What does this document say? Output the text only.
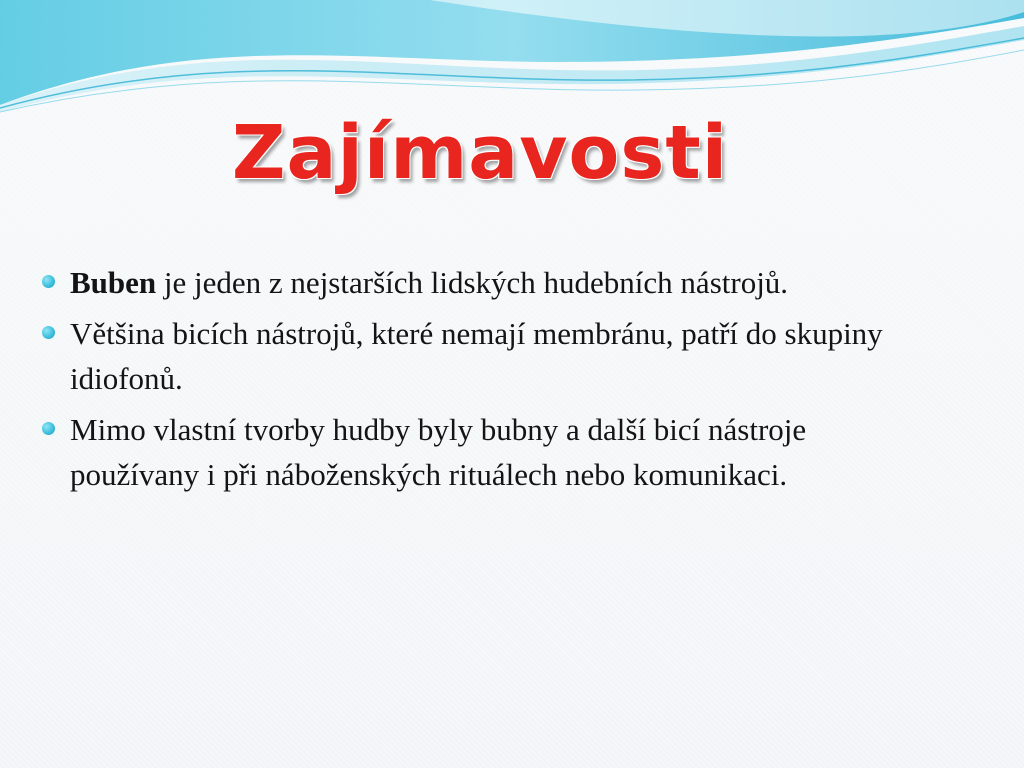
Zajímavosti
Buben je jeden z nejstarších lidských hudebních nástrojů.
Většina bicích nástrojů, které nemají membránu, patří do skupiny idiofonů.
Mimo vlastní tvorby hudby byly bubny a další bicí nástroje používany i při náboženských rituálech nebo komunikaci.
